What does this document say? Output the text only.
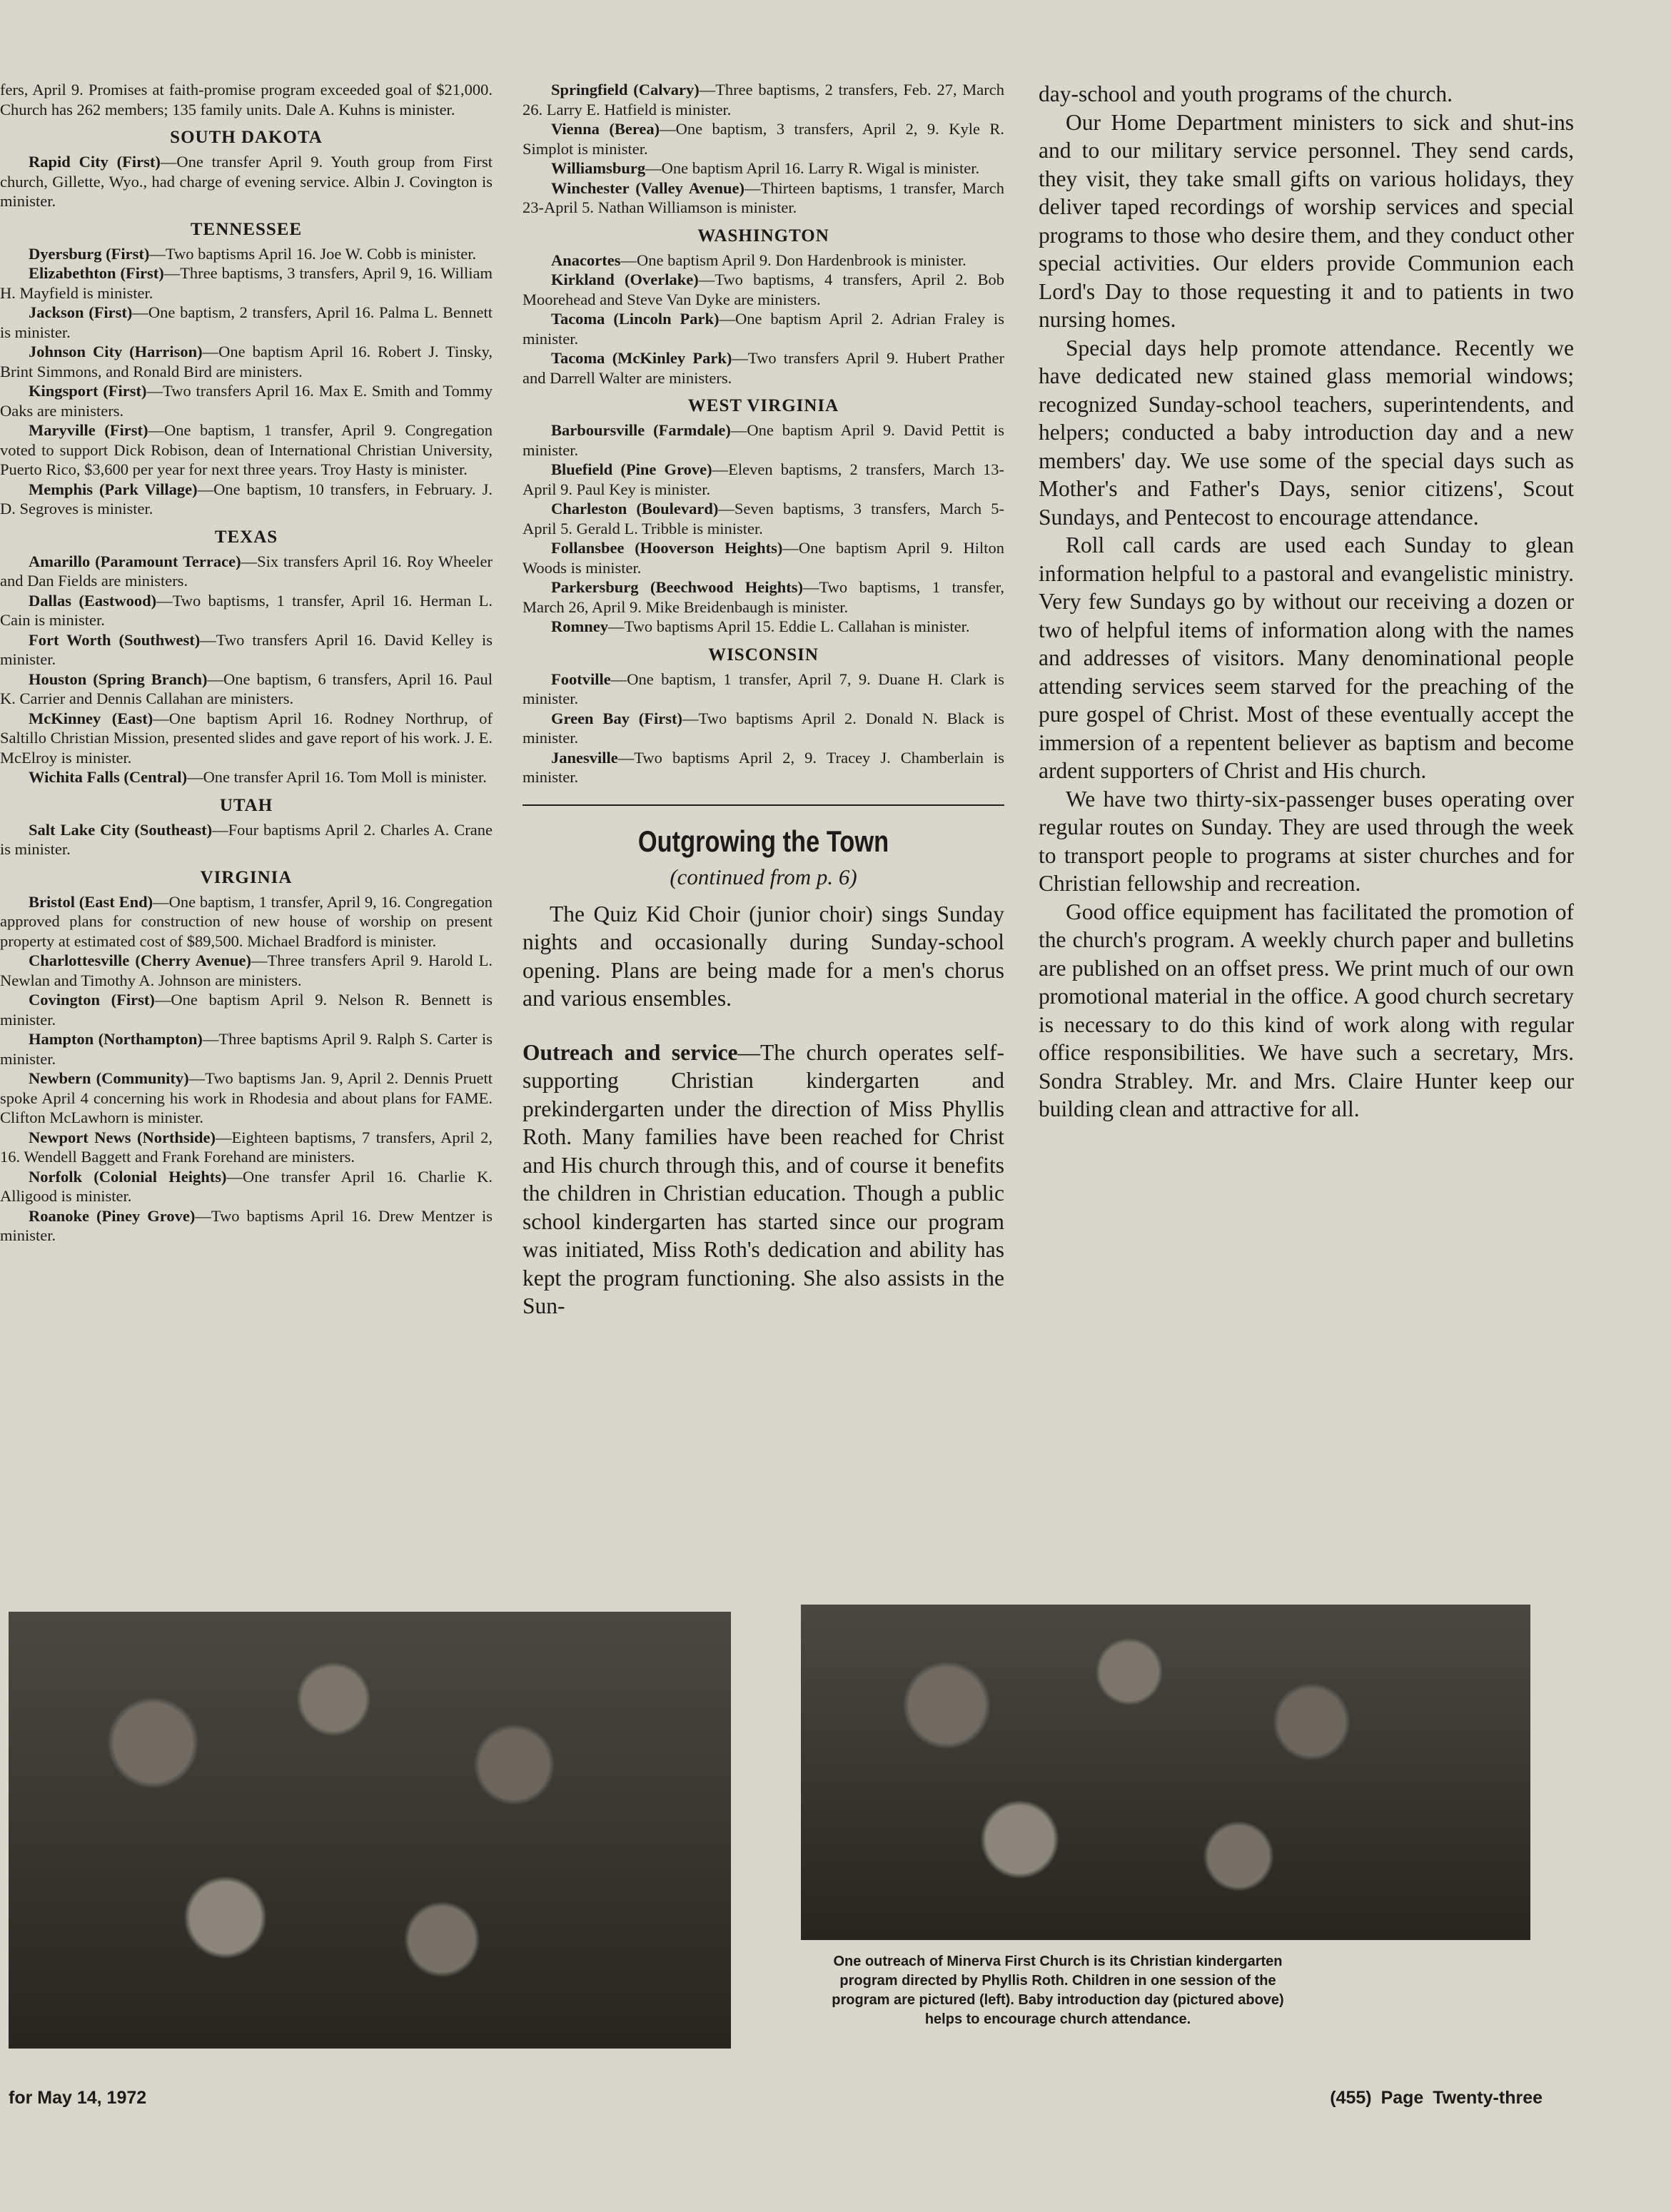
fers, April 9. Promises at faith-promise program exceeded goal of $21,000. Church has 262 members; 135 family units. Dale A. Kuhns is minister.

SOUTH DAKOTA

Rapid City (First)—One transfer April 9. Youth group from First church, Gillette, Wyo., had charge of evening service. Albin J. Covington is minister.

TENNESSEE

Dyersburg (First)—Two baptisms April 16. Joe W. Cobb is minister.

Elizabethton (First)—Three baptisms, 3 transfers, April 9, 16. William H. Mayfield is minister.

Jackson (First)—One baptism, 2 transfers, April 16. Palma L. Bennett is minister.

Johnson City (Harrison)—One baptism April 16. Robert J. Tinsky, Brint Simmons, and Ronald Bird are ministers.

Kingsport (First)—Two transfers April 16. Max E. Smith and Tommy Oaks are ministers.

Maryville (First)—One baptism, 1 transfer, April 9. Congregation voted to support Dick Robison, dean of International Christian University, Puerto Rico, $3,600 per year for next three years. Troy Hasty is minister.

Memphis (Park Village)—One baptism, 10 transfers, in February. J. D. Segroves is minister.

TEXAS

Amarillo (Paramount Terrace)—Six transfers April 16. Roy Wheeler and Dan Fields are ministers.

Dallas (Eastwood)—Two baptisms, 1 transfer, April 16. Herman L. Cain is minister.

Fort Worth (Southwest)—Two transfers April 16. David Kelley is minister.

Houston (Spring Branch)—One baptism, 6 transfers, April 16. Paul K. Carrier and Dennis Callahan are ministers.

McKinney (East)—One baptism April 16. Rodney Northrup, of Saltillo Christian Mission, presented slides and gave report of his work. J. E. McElroy is minister.

Wichita Falls (Central)—One transfer April 16. Tom Moll is minister.

UTAH

Salt Lake City (Southeast)—Four baptisms April 2. Charles A. Crane is minister.

VIRGINIA

Bristol (East End)—One baptism, 1 transfer, April 9, 16. Congregation approved plans for construction of new house of worship on present property at estimated cost of $89,500. Michael Bradford is minister.

Charlottesville (Cherry Avenue)—Three transfers April 9. Harold L. Newlan and Timothy A. Johnson are ministers.

Covington (First)—One baptism April 9. Nelson R. Bennett is minister.

Hampton (Northampton)—Three baptisms April 9. Ralph S. Carter is minister.

Newbern (Community)—Two baptisms Jan. 9, April 2. Dennis Pruett spoke April 4 concerning his work in Rhodesia and about plans for FAME. Clifton McLawhorn is minister.

Newport News (Northside)—Eighteen baptisms, 7 transfers, April 2, 16. Wendell Baggett and Frank Forehand are ministers.

Norfolk (Colonial Heights)—One transfer April 16. Charlie K. Alligood is minister.

Roanoke (Piney Grove)—Two baptisms April 16. Drew Mentzer is minister.

Springfield (Calvary)—Three baptisms, 2 transfers, Feb. 27, March 26. Larry E. Hatfield is minister.

Vienna (Berea)—One baptism, 3 transfers, April 2, 9. Kyle R. Simplot is minister.

Williamsburg—One baptism April 16. Larry R. Wigal is minister.

Winchester (Valley Avenue)—Thirteen baptisms, 1 transfer, March 23-April 5. Nathan Williamson is minister.

WASHINGTON

Anacortes—One baptism April 9. Don Hardenbrook is minister.

Kirkland (Overlake)—Two baptisms, 4 transfers, April 2. Bob Moorehead and Steve Van Dyke are ministers.

Tacoma (Lincoln Park)—One baptism April 2. Adrian Fraley is minister.

Tacoma (McKinley Park)—Two transfers April 9. Hubert Prather and Darrell Walter are ministers.

WEST VIRGINIA

Barboursville (Farmdale)—One baptism April 9. David Pettit is minister.

Bluefield (Pine Grove)—Eleven baptisms, 2 transfers, March 13-April 9. Paul Key is minister.

Charleston (Boulevard)—Seven baptisms, 3 transfers, March 5-April 5. Gerald L. Tribble is minister.

Follansbee (Hooverson Heights)—One baptism April 9. Hilton Woods is minister.

Parkersburg (Beechwood Heights)—Two baptisms, 1 transfer, March 26, April 9. Mike Breidenbaugh is minister.

Romney—Two baptisms April 15. Eddie L. Callahan is minister.

WISCONSIN

Footville—One baptism, 1 transfer, April 7, 9. Duane H. Clark is minister.

Green Bay (First)—Two baptisms April 2. Donald N. Black is minister.

Janesville—Two baptisms April 2, 9. Tracey J. Chamberlain is minister.

Outgrowing the Town
(continued from p. 6)

The Quiz Kid Choir (junior choir) sings Sunday nights and occasionally during Sunday-school opening. Plans are being made for a men's chorus and various ensembles.

Outreach and service—The church operates self-supporting Christian kindergarten and prekindergarten under the direction of Miss Phyllis Roth. Many families have been reached for Christ and His church through this, and of course it benefits the children in Christian education. Though a public school kindergarten has started since our program was initiated, Miss Roth's dedication and ability has kept the program functioning. She also assists in the Sun-

day-school and youth programs of the church.

Our Home Department ministers to sick and shut-ins and to our military service personnel. They send cards, they visit, they take small gifts on various holidays, they deliver taped recordings of worship services and special programs to those who desire them, and they conduct other special activities. Our elders provide Communion each Lord's Day to those requesting it and to patients in two nursing homes.

Special days help promote attendance. Recently we have dedicated new stained glass memorial windows; recognized Sunday-school teachers, superintendents, and helpers; conducted a baby introduction day and a new members' day. We use some of the special days such as Mother's and Father's Days, senior citizens', Scout Sundays, and Pentecost to encourage attendance.

Roll call cards are used each Sunday to glean information helpful to a pastoral and evangelistic ministry. Very few Sundays go by without our receiving a dozen or two of helpful items of information along with the names and addresses of visitors. Many denominational people attending services seem starved for the preaching of the pure gospel of Christ. Most of these eventually accept the immersion of a repentent believer as baptism and become ardent supporters of Christ and His church.

We have two thirty-six-passenger buses operating over regular routes on Sunday. They are used through the week to transport people to programs at sister churches and for Christian fellowship and recreation.

Good office equipment has facilitated the promotion of the church's program. A weekly church paper and bulletins are published on an offset press. We print much of our own promotional material in the office. A good church secretary is necessary to do this kind of work along with regular office responsibilities. We have such a secretary, Mrs. Sondra Strabley. Mr. and Mrs. Claire Hunter keep our building clean and attractive for all.

One outreach of Minerva First Church is its Christian kindergarten program directed by Phyllis Roth. Children in one session of the program are pictured (left). Baby introduction day (pictured above) helps to encourage church attendance.

for May 14, 1972	(455) Page Twenty-three
